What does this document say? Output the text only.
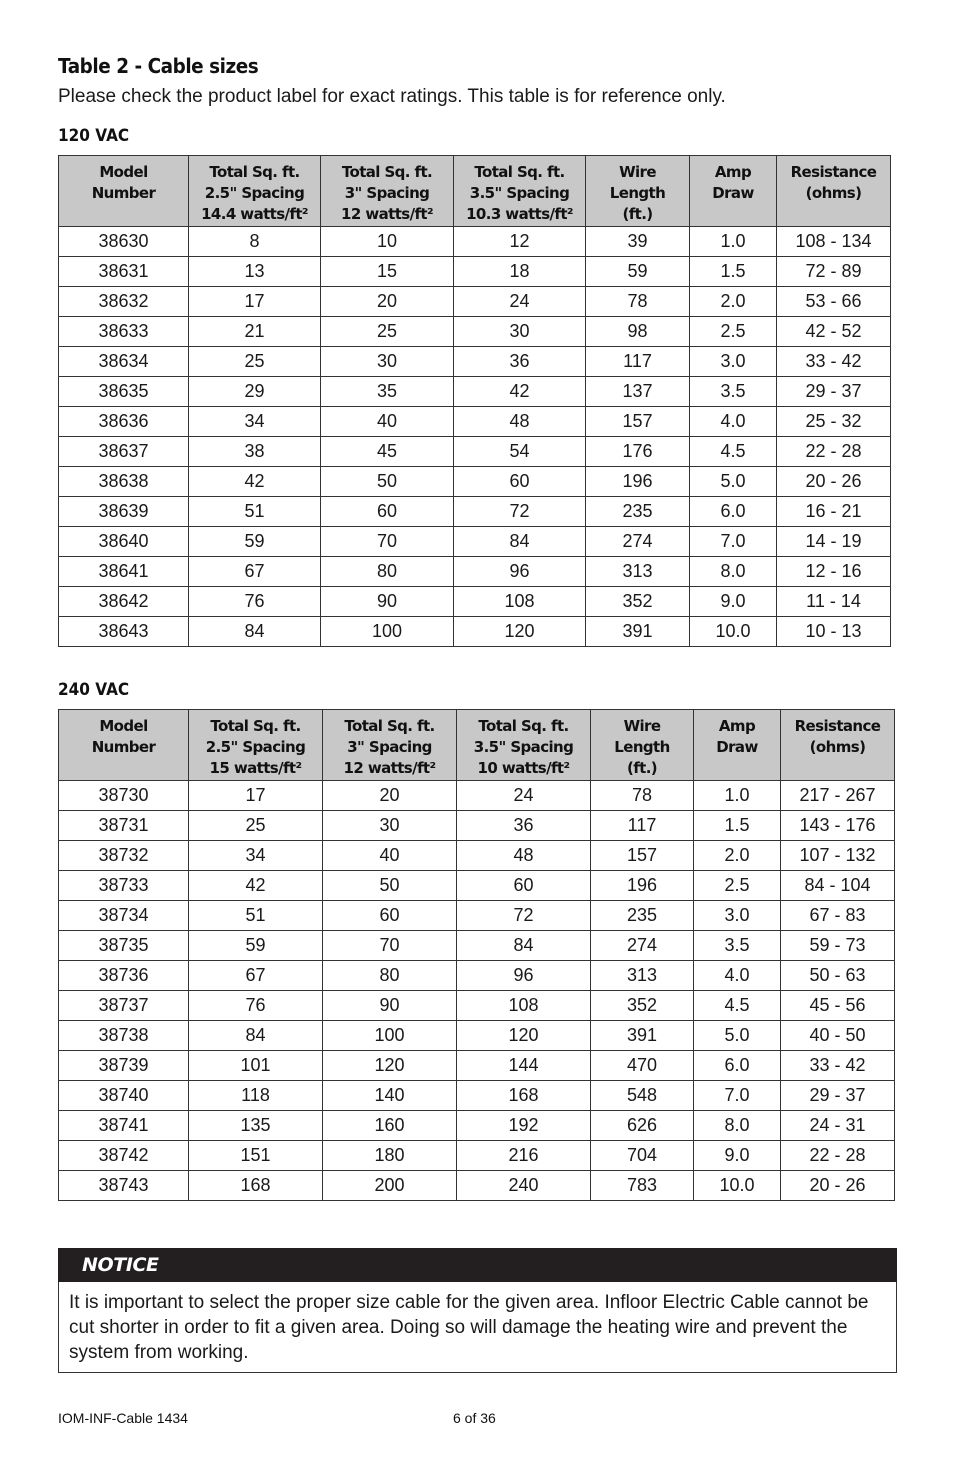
Table 2 - Cable sizes
Please check the product label for exact ratings. This table is for reference only.
120 VAC
Model
Number	Total Sq. ft.
2.5" Spacing
14.4 watts/ft²	Total Sq. ft.
3" Spacing
12 watts/ft²	Total Sq. ft.
3.5" Spacing
10.3 watts/ft²	Wire
Length
(ft.)	Amp
Draw	Resistance
(ohms)

38630	8	10	12	39	1.0	108 - 134
38631	13	15	18	59	1.5	72 - 89
38632	17	20	24	78	2.0	53 - 66
38633	21	25	30	98	2.5	42 - 52
38634	25	30	36	117	3.0	33 - 42
38635	29	35	42	137	3.5	29 - 37
38636	34	40	48	157	4.0	25 - 32
38637	38	45	54	176	4.5	22 - 28
38638	42	50	60	196	5.0	20 - 26
38639	51	60	72	235	6.0	16 - 21
38640	59	70	84	274	7.0	14 - 19
38641	67	80	96	313	8.0	12 - 16
38642	76	90	108	352	9.0	11 - 14
38643	84	100	120	391	10.0	10 - 13
240 VAC
Model
Number	Total Sq. ft.
2.5" Spacing
15 watts/ft²	Total Sq. ft.
3" Spacing
12 watts/ft²	Total Sq. ft.
3.5" Spacing
10 watts/ft²	Wire
Length
(ft.)	Amp
Draw	Resistance
(ohms)

38730	17	20	24	78	1.0	217 - 267
38731	25	30	36	117	1.5	143 - 176
38732	34	40	48	157	2.0	107 - 132
38733	42	50	60	196	2.5	84 - 104
38734	51	60	72	235	3.0	67 - 83
38735	59	70	84	274	3.5	59 - 73
38736	67	80	96	313	4.0	50 - 63
38737	76	90	108	352	4.5	45 - 56
38738	84	100	120	391	5.0	40 - 50
38739	101	120	144	470	6.0	33 - 42
38740	118	140	168	548	7.0	29 - 37
38741	135	160	192	626	8.0	24 - 31
38742	151	180	216	704	9.0	22 - 28
38743	168	200	240	783	10.0	20 - 26
NOTICE
It is important to select the proper size cable for the given area. Infloor Electric Cable cannot be cut shorter in order to fit a given area. Doing so will damage the heating wire and prevent the system from working.
IOM-INF-Cable 1434	6 of 36
